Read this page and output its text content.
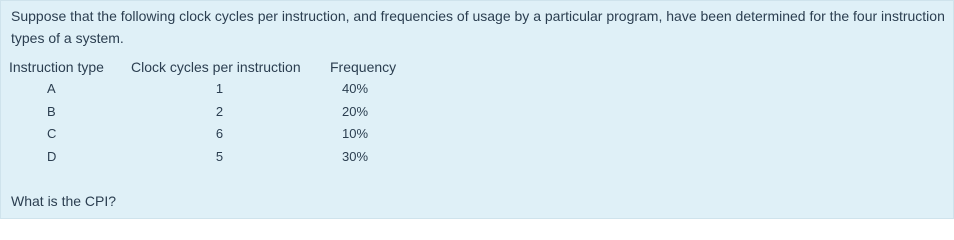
Suppose that the following clock cycles per instruction, and frequencies of usage by a particular program, have been determined for the four instruction types of a system.

Instruction type	Clock cycles per instruction	Frequency
A	1	40%
B	2	20%
C	6	10%
D	5	30%

What is the CPI?
